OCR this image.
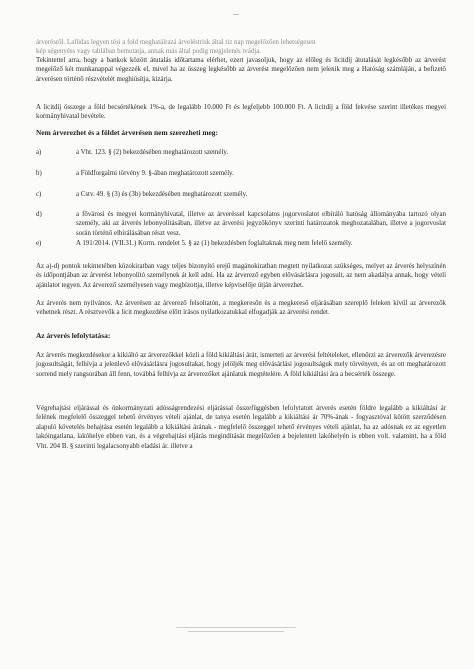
árverésről. Lafüdas legyen tési a fold meghatálrazá árveléstrisk által tiz nap megelőzően lehetségesen

kép ségenyéss vagy tablában bemutatja, annak más által podig megjelenés tvádja.

Tekintettel arra, hogy a bankok között átutalás időtartama elérhet, ezert javasoljuk, hogy az előleg és licitdíj átutalását legkésőbb az árverést megelőző két munkanappal végezzék el, mivel ha az összeg legkésőbb az árverést megelőzően nem jelenik meg a Hatóság számláján, a befizető árverésen történő részvételét meghiúsítja, kizárja.

A licitdíj összege a föld becsértékének 1%-a, de legalább 10.000 Ft és legfeljebb 100.000 Ft. A licitdíj a föld fekvése szerint illetékes megyei kormányhivatal bevétele.

Nem árverezhet és a földet árverésen nem szerezheti meg:

a)	a Vht. 123. § (2) bekezdésében meghatározott személy.
b)	a Földforgalmi törvény 9. §-ában meghatározott személy.
c)	a Cstv. 49. § (3) és (3b) bekezdésében meghatározott személy.
d)	a fővárosi és megyei kormányhivatal, illetve az árveréssel kapcsolatos jogorvoslatot elbíráló hatóság állományába tartozó olyan személy, aki az árverés lebonyolításában, illetve az árverési jegyzőkönyv szerinti határozatok meghozatalában, illetve a jogorvoslat során történő elbírálásában részt vesz.
e)	A 191/2014. (VII.31.) Korm. rendelet 5. § az (1) bekezdésben foglaltaknak meg nem felelő személy.

Az a)-d) pontok tekintetében közokiratban vagy teljes bizonyító erejű magánokiratban megtett nyilatkozat szükséges, melyet az árverés helyszínén és időpontjában az árverést lebonyolító személynek át kell adni. Ha az árverező egyben elővásárlásra jogosult, az nem akadálya annak, hogy vételi ajánlatot tegyen. Az árverező személyesen vagy megbízottja, illetve képviselője útján árverezhet.

Az árverés nem nyilvános. Az árverésen az árverező felsoltatón, a megkeresőn és a megkereső eljárásában szereplő feleken kívül az árverezők vehetnek részt. A résztvevők a licit megkezdése előtt írásos nyilatkozatukkal elfogadják az árverési rendet.

Az árverés lefolytatása:

Az árverés megkezdésekor a kikiáltó az árverezőkkel közli a föld kikiáltási árát, ismerteti az árverési feltételeket, ellenőrzi az árverezők árverezésre jogosultságát, felhívja a jelenlevő elővásárlásra jogosultakat, hogy jelöljék meg elővásárlási jogosultságuk mely törvényen, és az ott meghatározott sorrend mely rangsorában áll fenn, továbbá felhívja az árverezőket ajánlatuk megtételére. A föld kikiáltási ára a becsérték összege.

Végrehajtási eljárással és önkormányzati adósságrendezési eljárással összefüggésben lefolytatott árverés esetén földre legalább a kikiáltási ár felének megfelelő összeggel tehető érvényes vételi ajánlat, de tanya esetén legalább a kikiáltási ár 70%-ának - fogyasztóval kötött szerződésen alapuló követelés behajtása esetén legalább a kikiáltási árának - megfelelő összeggel tehető érvényes vételi ajánlat, ha az adósnak ez az egyetlen lakóingatlana, lakóhelye ebben van, és a végrehajtási eljárás megindítását megelőzően a bejelentett lakóhelyén is ebben volt. valamint, ha a föld Vht. 204 B. § szerinti legalacsonyabb eladási ár. illetve a
